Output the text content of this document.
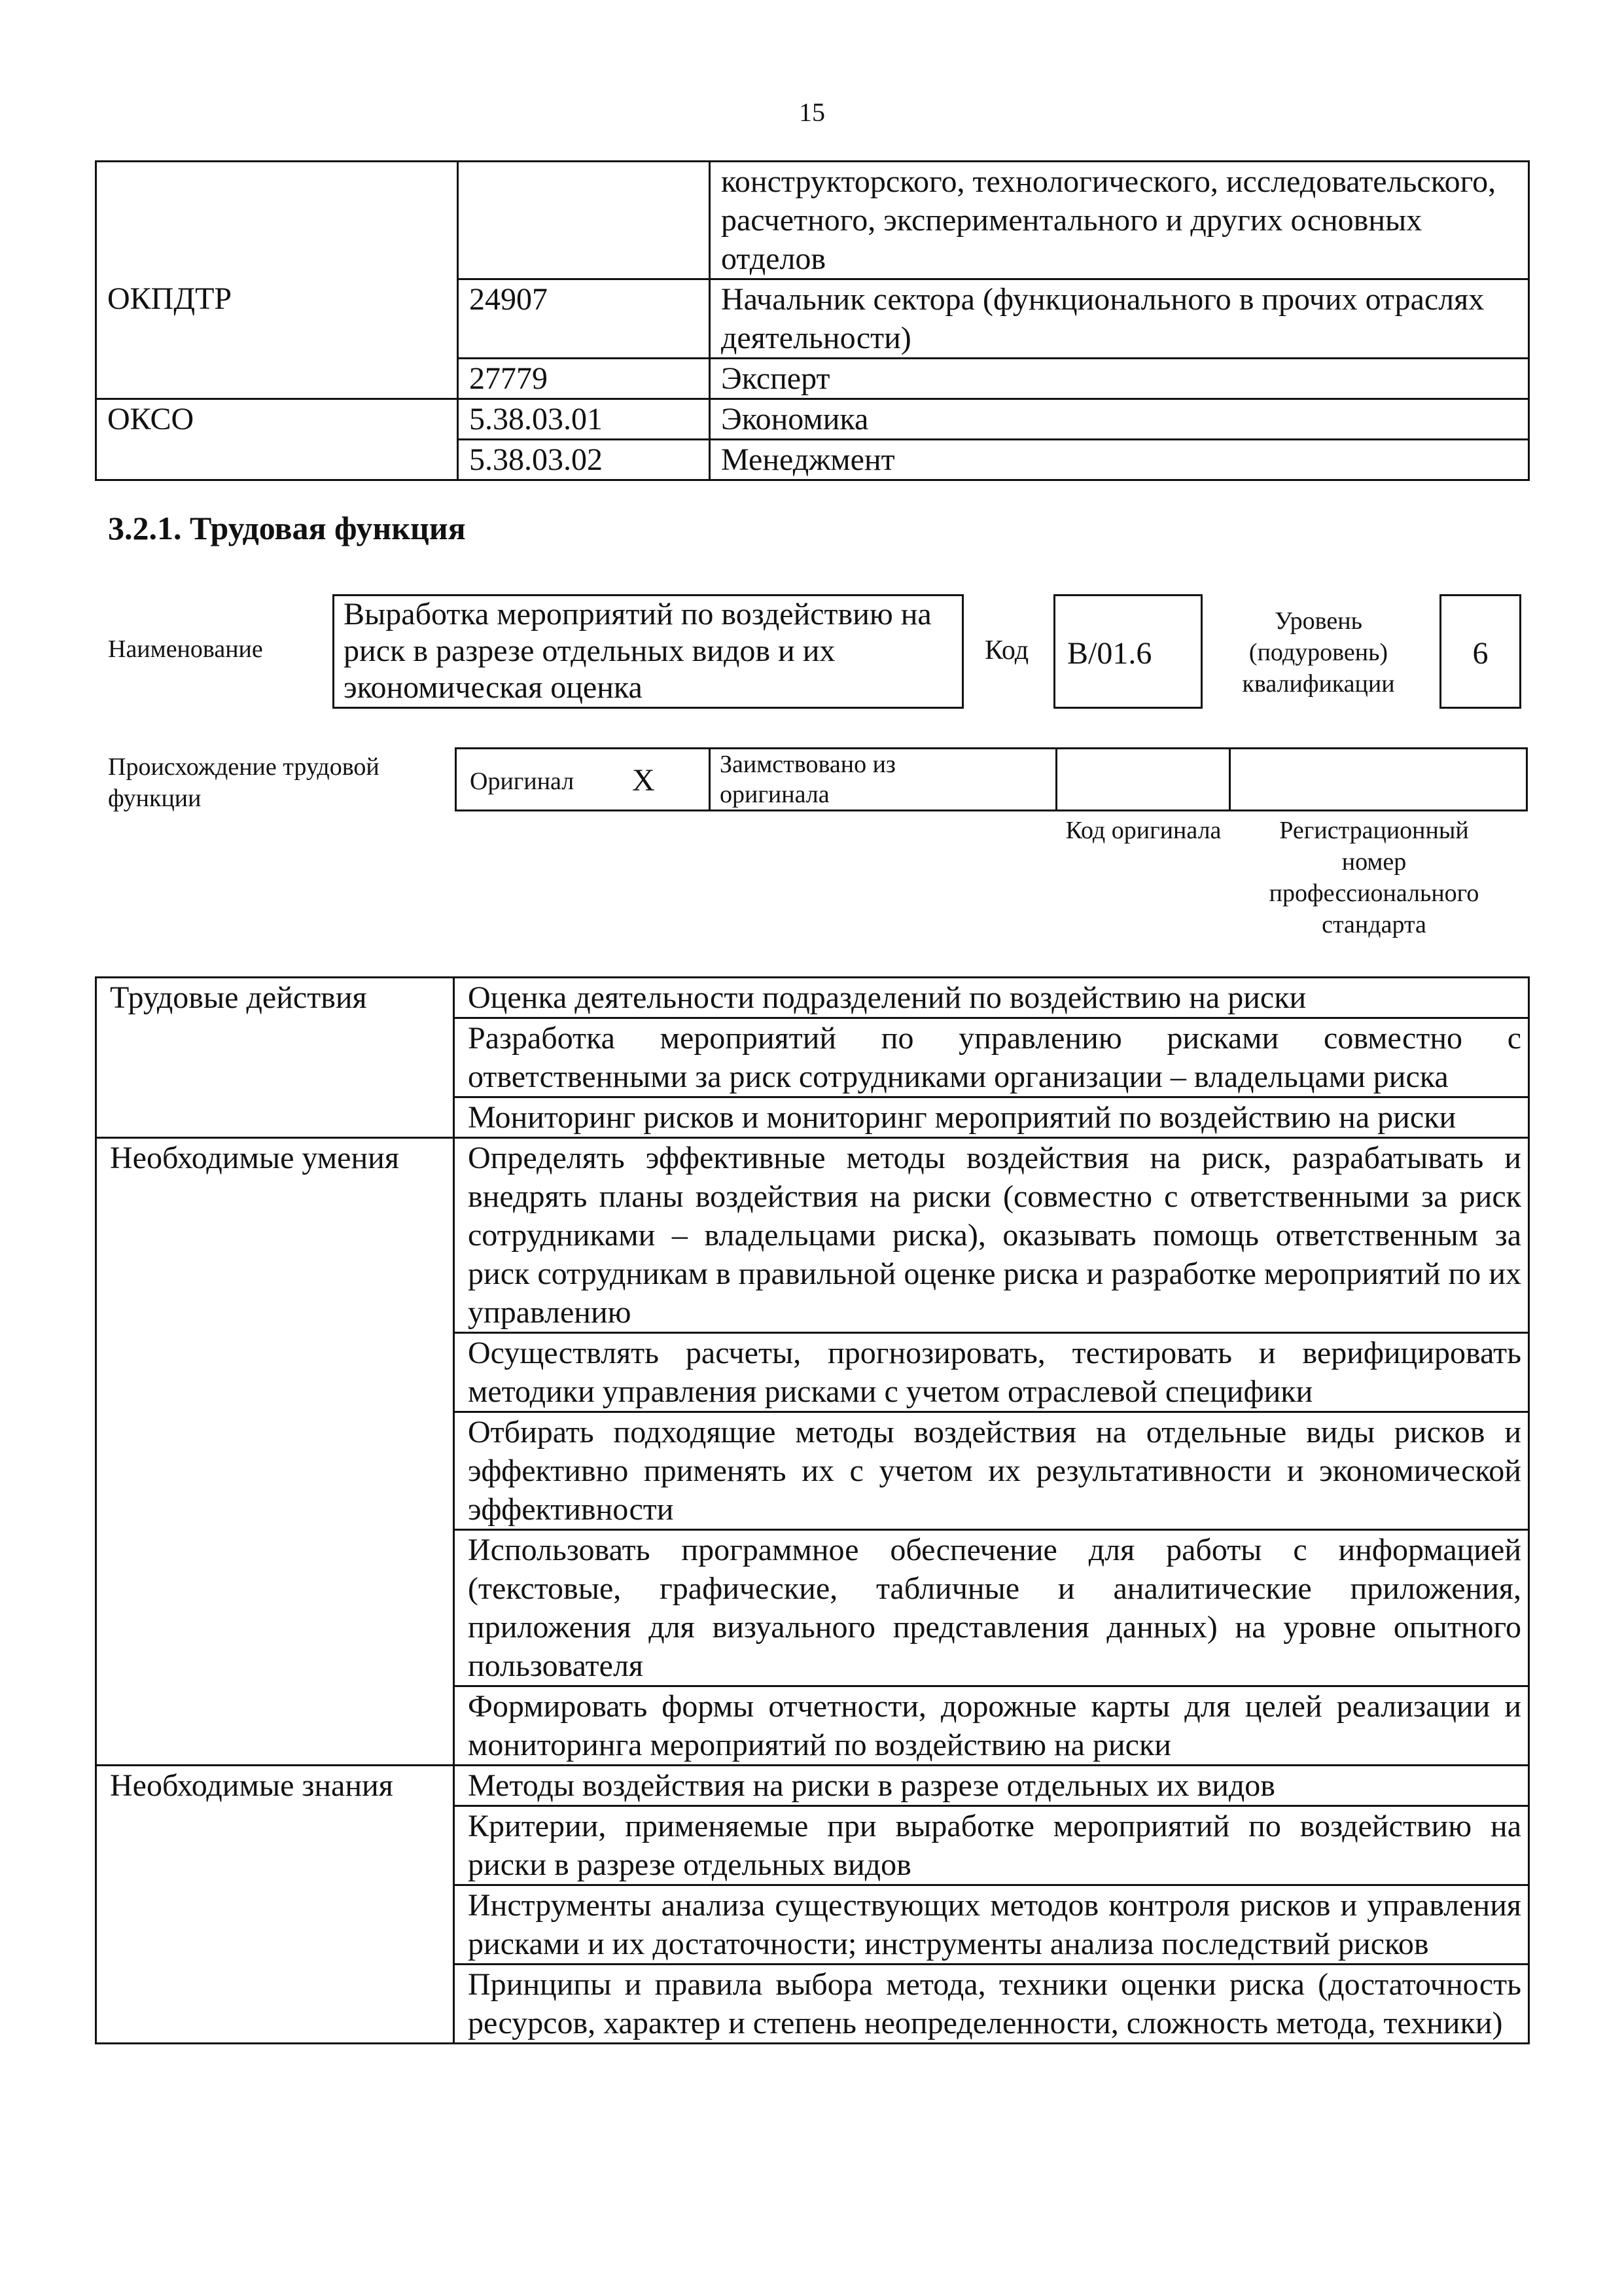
15
		конструкторского, технологического, исследовательского, расчетного, экспериментального и других основных отделов
ОКПДТР	24907	Начальник сектора (функционального в прочих отраслях деятельности)
	27779	Эксперт
ОКСО	5.38.03.01	Экономика
	5.38.03.02	Менеджмент
3.2.1. Трудовая функция
Наименование
Выработка мероприятий по воздействию на риск в разрезе отдельных видов и их экономическая оценка
Код	B/01.6
Уровень (подуровень) квалификации
6
Происхождение трудовой функции
Оригинал X	Заимствовано из оригинала
Код оригинала	Регистрационный номер профессионального стандарта
Трудовые действия	Оценка деятельности подразделений по воздействию на риски
	Разработка мероприятий по управлению рисками совместно с ответственными за риск сотрудниками организации – владельцами риска
	Мониторинг рисков и мониторинг мероприятий по воздействию на риски
Необходимые умения	Определять эффективные методы воздействия на риск, разрабатывать и внедрять планы воздействия на риски (совместно с ответственными за риск сотрудниками – владельцами риска), оказывать помощь ответственным за риск сотрудникам в правильной оценке риска и разработке мероприятий по их управлению
	Осуществлять расчеты, прогнозировать, тестировать и верифицировать методики управления рисками с учетом отраслевой специфики
	Отбирать подходящие методы воздействия на отдельные виды рисков и эффективно применять их с учетом их результативности и экономической эффективности
	Использовать программное обеспечение для работы с информацией (текстовые, графические, табличные и аналитические приложения, приложения для визуального представления данных) на уровне опытного пользователя
	Формировать формы отчетности, дорожные карты для целей реализации и мониторинга мероприятий по воздействию на риски
Необходимые знания	Методы воздействия на риски в разрезе отдельных их видов
	Критерии, применяемые при выработке мероприятий по воздействию на риски в разрезе отдельных видов
	Инструменты анализа существующих методов контроля рисков и управления рисками и их достаточности; инструменты анализа последствий рисков
	Принципы и правила выбора метода, техники оценки риска (достаточность ресурсов, характер и степень неопределенности, сложность метода, техники)
